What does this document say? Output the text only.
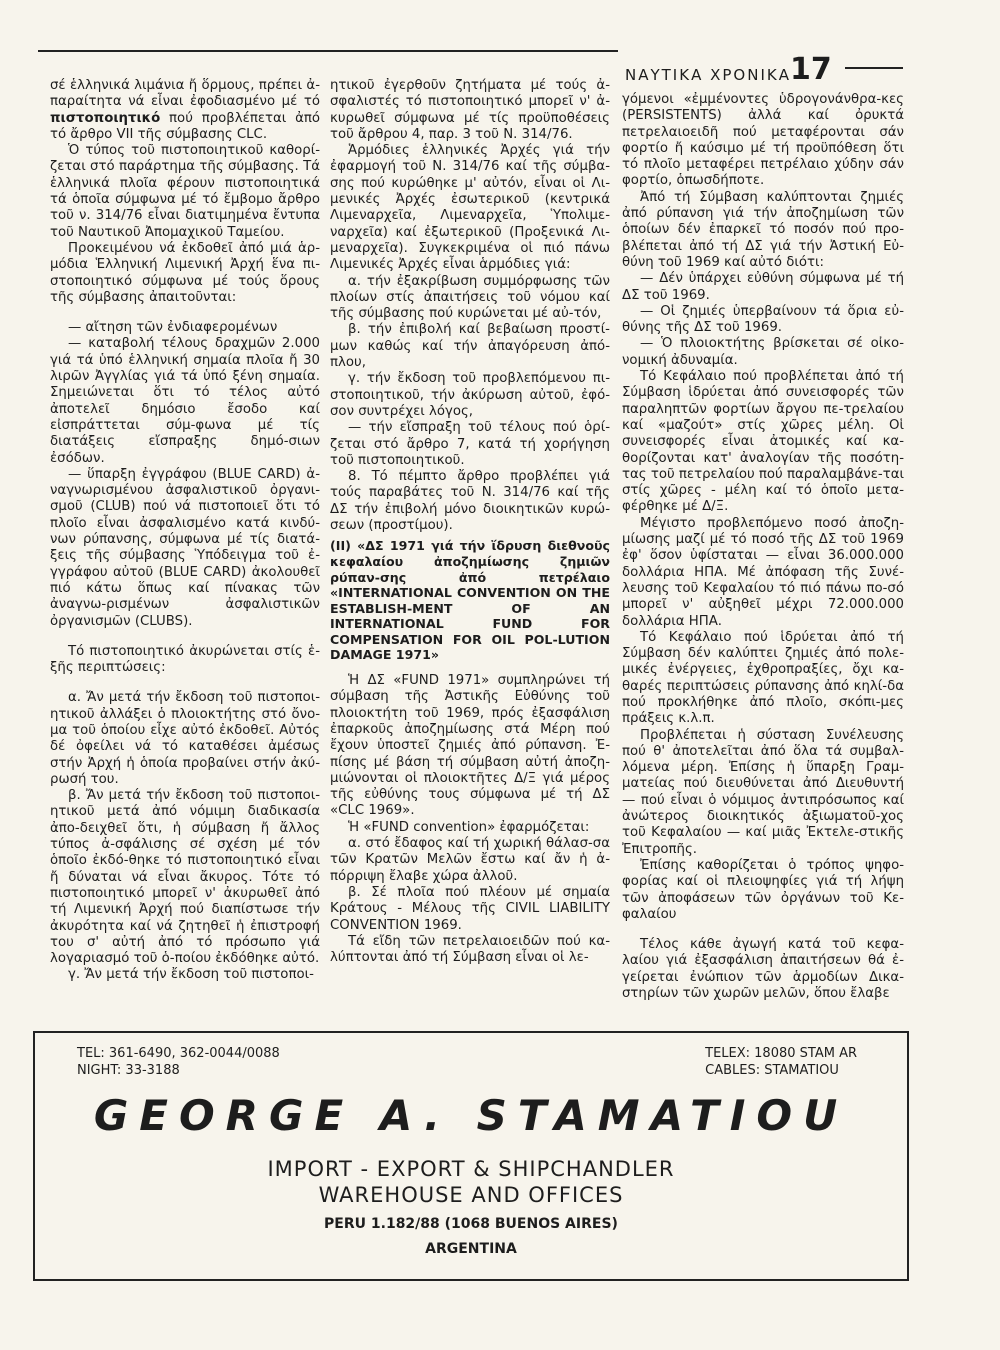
ΝΑΥΤΙΚΑ ΧΡΟΝΙΚΑ 17

σέ ἑλληνικά λιμάνια ἤ ὅρμους, πρέπει ἀ-παραίτητα νά εἶναι ἐφοδιασμένο μέ τό πιστοποιητικό πού προβλέπεται ἀπό τό ἄρθρο VII τῆς σύμβασης CLC.

Ὁ τύπος τοῦ πιστοποιητικοῦ καθορί-ζεται στό παράρτημα τῆς σύμβασης. Τά ἑλληνικά πλοῖα φέρουν πιστοποιητικά τά ὁποῖα σύμφωνα μέ τό ἔμβομο ἄρθρο τοῦ ν. 314/76 εἶναι διατιμημένα ἔντυπα τοῦ Ναυτικοῦ Ἀπομαχικοῦ Ταμείου.

Προκειμένου νά ἐκδοθεῖ ἀπό μιά ἁρ-μόδια Ἑλληνική Λιμενική Ἀρχή ἕνα πι-στοποιητικό σύμφωνα μέ τούς ὅρους τῆς σύμβασης ἀπαιτοῦνται:

— αἴτηση τῶν ἐνδιαφερομένων

— καταβολή τέλους δραχμῶν 2.000 γιά τά ὑπό ἑλληνική σημαία πλοῖα ἤ 30 λιρῶν Ἀγγλίας γιά τά ὑπό ξένη σημαία. Σημειώνεται ὅτι τό τέλος αὐτό ἀποτελεῖ δημόσιο ἔσοδο καί εἰσπράττεται σύμ-φωνα μέ τίς διατάξεις εἴσπραξης δημό-σιων ἐσόδων.

— ὕπαρξη ἐγγράφου (BLUE CARD) ἀ-ναγνωρισμένου ἀσφαλιστικοῦ ὀργανι-σμοῦ (CLUB) πού νά πιστοποιεῖ ὅτι τό πλοῖο εἶναι ἀσφαλισμένο κατά κινδύ-νων ρύπανσης, σύμφωνα μέ τίς διατά-ξεις τῆς σύμβασης Ὑπόδειγμα τοῦ ἐ-γγράφου αὐτοῦ (BLUE CARD) ἀκολουθεῖ πιό κάτω ὅπως καί πίνακας τῶν ἀναγνω-ρισμένων ἀσφαλιστικῶν ὀργανισμῶν (CLUBS).

Τό πιστοποιητικό ἀκυρώνεται στίς ἑ-ξῆς περιπτώσεις:

α. Ἄν μετά τήν ἔκδοση τοῦ πιστοποι-ητικοῦ ἀλλάξει ὁ πλοιοκτήτης στό ὄνο-μα τοῦ ὁποίου εἶχε αὐτό ἐκδοθεῖ. Αὐτός δέ ὀφείλει νά τό καταθέσει ἀμέσως στήν Ἀρχή ἡ ὁποία προβαίνει στήν ἀκύ-ρωσή του.

β. Ἄν μετά τήν ἔκδοση τοῦ πιστοποι-ητικοῦ μετά ἀπό νόμιμη διαδικασία ἀπο-δειχθεῖ ὅτι, ἡ σύμβαση ἤ ἄλλος τύπος ἀ-σφάλισης σέ σχέση μέ τόν ὁποῖο ἐκδό-θηκε τό πιστοποιητικό εἶναι ἤ δύναται νά εἶναι ἄκυρος. Τότε τό πιστοποιητικό μπορεῖ ν' ἀκυρωθεῖ ἀπό τή Λιμενική Ἀρχή πού διαπίστωσε τήν ἀκυρότητα καί νά ζητηθεῖ ἡ ἐπιστροφή του σ' αὐτή ἀπό τό πρόσωπο γιά λογαριασμό τοῦ ὁ-ποίου ἐκδόθηκε αὐτό.

γ. Ἄν μετά τήν ἔκδοση τοῦ πιστοποι-

ητικοῦ ἐγερθοῦν ζητήματα μέ τούς ἀ-σφαλιστές τό πιστοποιητικό μπορεῖ ν' ἀ-κυρωθεῖ σύμφωνα μέ τίς προϋποθέσεις τοῦ ἄρθρου 4, παρ. 3 τοῦ Ν. 314/76.

Ἁρμόδιες ἑλληνικές Ἀρχές γιά τήν ἐφαρμογή τοῦ Ν. 314/76 καί τῆς σύμβα-σης πού κυρώθηκε μ' αὐτόν, εἶναι οἱ Λι-μενικές Ἀρχές ἐσωτερικοῦ (κεντρικά Λιμεναρχεῖα, Λιμεναρχεῖα, Ὑπολιμε-ναρχεῖα) καί ἐξωτερικοῦ (Προξενικά Λι-μεναρχεῖα). Συγκεκριμένα οἱ πιό πάνω Λιμενικές Ἀρχές εἶναι ἁρμόδιες γιά:

α. τήν ἐξακρίβωση συμμόρφωσης τῶν πλοίων στίς ἀπαιτήσεις τοῦ νόμου καί τῆς σύμβασης πού κυρώνεται μέ αὐ-τόν,

β. τήν ἐπιβολή καί βεβαίωση προστί-μων καθώς καί τήν ἀπαγόρευση ἀπό-πλου,

γ. τήν ἔκδοση τοῦ προβλεπόμενου πι-στοποιητικοῦ, τήν ἀκύρωση αὐτοῦ, ἐφό-σον συντρέχει λόγος,

— τήν εἴσπραξη τοῦ τέλους πού ὁρί-ζεται στό ἄρθρο 7, κατά τή χορήγηση τοῦ πιστοποιητικοῦ.

8. Τό πέμπτο ἄρθρο προβλέπει γιά τούς παραβάτες τοῦ Ν. 314/76 καί τῆς ΔΣ τήν ἐπιβολή μόνο διοικητικῶν κυρώ-σεων (προστίμου).

(II) «ΔΣ 1971 γιά τήν ἵδρυση διεθνοῦς κεφαλαίου ἀποζημίωσης ζημιῶν ρύπαν-σης ἀπό πετρέλαιο «INTERNATIONAL CONVENTION ON THE ESTABLISH-MENT OF AN INTERNATIONAL FUND FOR COMPENSATION FOR OIL POL-LUTION DAMAGE 1971»

Ἡ ΔΣ «FUND 1971» συμπληρώνει τή σύμβαση τῆς Ἀστικῆς Εὐθύνης τοῦ πλοιοκτήτη τοῦ 1969, πρός ἐξασφάλιση ἐπαρκοῦς ἀποζημίωσης στά Μέρη πού ἔχουν ὑποστεῖ ζημιές ἀπό ρύπανση. Ἐ-πίσης μέ βάση τή σύμβαση αὐτή ἀποζη-μιώνονται οἱ πλοιοκτῆτες Δ/Ξ γιά μέρος τῆς εὐθύνης τους σύμφωνα μέ τή ΔΣ «CLC 1969».

Ἡ «FUND convention» ἐφαρμόζεται:

α. στό ἔδαφος καί τή χωρική θάλασ-σα τῶν Κρατῶν Μελῶν ἔστω καί ἄν ἡ ἀ-πόρριψη ἔλαβε χώρα ἀλλοῦ.

β. Σέ πλοῖα πού πλέουν μέ σημαία Κράτους - Μέλους τῆς CIVIL LIABILITY CONVENTION 1969.

Τά εἴδη τῶν πετρελαιοειδῶν πού κα-λύπτονται ἀπό τή Σύμβαση εἶναι οἱ λε-

γόμενοι «ἐμμένοντες ὑδρογονάνθρα-κες (PERSISTENTS) ἀλλά καί ὀρυκτά πετρελαιοειδῆ πού μεταφέρονται σάν φορτίο ἤ καύσιμο μέ τή προϋπόθεση ὅτι τό πλοῖο μεταφέρει πετρέλαιο χύδην σάν φορτίο, ὁπωσδήποτε.

Ἀπό τή Σύμβαση καλύπτονται ζημιές ἀπό ρύπανση γιά τήν ἀποζημίωση τῶν ὁποίων δέν ἐπαρκεῖ τό ποσόν πού προ-βλέπεται ἀπό τή ΔΣ γιά τήν Ἀστική Εὐ-θύνη τοῦ 1969 καί αὐτό διότι:

— Δέν ὑπάρχει εὐθύνη σύμφωνα μέ τή ΔΣ τοῦ 1969.

— Οἱ ζημιές ὑπερβαίνουν τά ὅρια εὐ-θύνης τῆς ΔΣ τοῦ 1969.

— Ὁ πλοιοκτήτης βρίσκεται σέ οἰκο-νομική ἀδυναμία.

Τό Κεφάλαιο πού προβλέπεται ἀπό τή Σύμβαση ἱδρύεται ἀπό συνεισφορές τῶν παραληπτῶν φορτίων ἄργου πε-τρελαίου καί «μαζούτ» στίς χῶρες μέλη. Οἱ συνεισφορές εἶναι ἀτομικές καί κα-θορίζονται κατ' ἀναλογίαν τῆς ποσότη-τας τοῦ πετρελαίου πού παραλαμβάνε-ται στίς χῶρες - μέλη καί τό ὁποῖο μετα-φέρθηκε μέ Δ/Ξ.

Μέγιστο προβλεπόμενο ποσό ἀποζη-μίωσης μαζί μέ τό ποσό τῆς ΔΣ τοῦ 1969 ἐφ' ὅσον ὑφίσταται — εἶναι 36.000.000 δολλάρια ΗΠΑ. Μέ ἀπόφαση τῆς Συνέ-λευσης τοῦ Κεφαλαίου τό πιό πάνω πο-σό μπορεῖ ν' αὐξηθεῖ μέχρι 72.000.000 δολλάρια ΗΠΑ.

Τό Κεφάλαιο πού ἱδρύεται ἀπό τή Σύμβαση δέν καλύπτει ζημιές ἀπό πολε-μικές ἐνέργειες, ἐχθροπραξίες, ὄχι κα-θαρές περιπτώσεις ρύπανσης ἀπό κηλί-δα πού προκλήθηκε ἀπό πλοῖο, σκόπι-μες πράξεις κ.λ.π.

Προβλέπεται ἡ σύσταση Συνέλευσης πού θ' ἀποτελεῖται ἀπό ὅλα τά συμβαλ-λόμενα μέρη. Ἐπίσης ἡ ὕπαρξη Γραμ-ματείας πού διευθύνεται ἀπό Διευθυντή — πού εἶναι ὁ νόμιμος ἀντιπρόσωπος καί ἀνώτερος διοικητικός ἀξιωματοῦ-χος τοῦ Κεφαλαίου — καί μιᾶς Ἐκτελε-στικῆς Ἐπιτροπῆς.

Ἐπίσης καθορίζεται ὁ τρόπος ψηφο-φορίας καί οἱ πλειοψηφίες γιά τή λήψη τῶν ἀποφάσεων τῶν ὀργάνων τοῦ Κε-φαλαίου

Τέλος κάθε ἀγωγή κατά τοῦ κεφα-λαίου γιά ἐξασφάλιση ἀπαιτήσεων θά ἐ-γείρεται ἐνώπιον τῶν ἁρμοδίων Δικα-στηρίων τῶν χωρῶν μελῶν, ὅπου ἔλαβε

TEL: 361-6490, 362-0044/0088
NIGHT: 33-3188
TELEX: 18080 STAM AR
CABLES: STAMATIOU
GEORGE A. STAMATIOU
IMPORT - EXPORT & SHIPCHANDLER
WAREHOUSE AND OFFICES
PERU 1.182/88 (1068 BUENOS AIRES)
ARGENTINA
